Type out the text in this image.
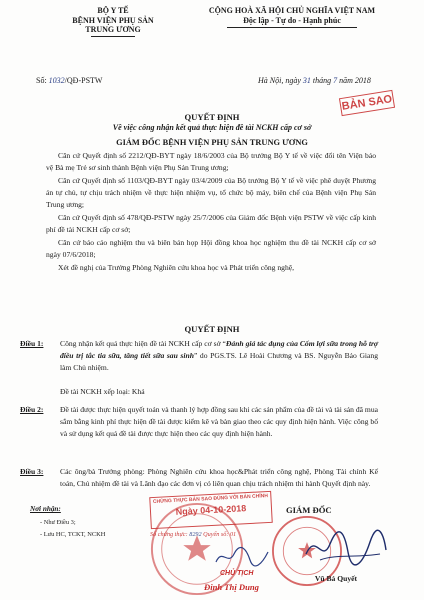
BỘ Y TẾ
BỆNH VIỆN PHỤ SẢN
TRUNG ƯƠNG
CỘNG HOÀ XÃ HỘI CHỦ NGHĨA VIỆT NAM
Độc lập - Tự do - Hạnh phúc
Số: 1032/QĐ-PSTW	Hà Nội, ngày 31 tháng 7 năm 2018
BẢN SAO
QUYẾT ĐỊNH
Về việc công nhận kết quả thực hiện đề tài NCKH cấp cơ sở
GIÁM ĐỐC BỆNH VIỆN PHỤ SẢN TRUNG ƯƠNG

Căn cứ Quyết định số 2212/QĐ-BYT ngày 18/6/2003 của Bộ trưởng Bộ Y tế về việc đổi tên Viện bảo vệ Bà mẹ Trẻ sơ sinh thành Bệnh viện Phụ Sản Trung ương;

Căn cứ Quyết định số 1103/QĐ-BYT ngày 03/4/2009 của Bộ trưởng Bộ Y tế về việc phê duyệt Phương án tự chủ, tự chịu trách nhiệm về thực hiện nhiệm vụ, tổ chức bộ máy, biên chế của Bệnh viện Phụ Sản Trung ương;

Căn cứ Quyết định số 478/QĐ-PSTW ngày 25/7/2006 của Giám đốc Bệnh viện PSTW về việc cấp kinh phí đề tài NCKH cấp cơ sở;

Căn cứ báo cáo nghiệm thu và biên bản họp Hội đồng khoa học nghiệm thu đề tài NCKH cấp cơ sở ngày 07/6/2018;

Xét đề nghị của Trưởng Phòng Nghiên cứu khoa học và Phát triển công nghệ,

QUYẾT ĐỊNH
Điều 1: Công nhận kết quả thực hiện đề tài NCKH cấp cơ sở “Đánh giá tác dụng của Cốm lợi sữa trong hỗ trợ điều trị tắc tia sữa, tăng tiết sữa sau sinh” do PGS.TS. Lê Hoài Chương và BS. Nguyễn Bảo Giang làm Chủ nhiệm.
Đề tài NCKH xếp loại: Khá
Điều 2: Đề tài được thực hiện quyết toán và thanh lý hợp đồng sau khi các sản phẩm của đề tài và tài sản đã mua sắm bằng kinh phí thực hiện đề tài được kiểm kê và bàn giao theo các quy định hiện hành. Việc công bố và sử dụng kết quả đề tài được thực hiện theo các quy định hiện hành.
Điều 3: Các ông/bà Trưởng phòng: Phòng Nghiên cứu khoa học&Phát triển công nghệ, Phòng Tài chính Kế toán, Chủ nhiệm đề tài và Lãnh đạo các đơn vị có liên quan chịu trách nhiệm thi hành Quyết định này.
Nơi nhận:
- Như Điều 3;
- Lưu HC, TCKT, NCKH
CHỨNG THỰC BẢN SAO ĐÚNG VỚI BẢN CHÍNH
Ngày 04-10-2018
Số chứng thực: 8292 Quyển số: 01
GIÁM ĐỐC
Vũ Bá Quyết
CHỦ TỊCH
Đinh Thị Dung
